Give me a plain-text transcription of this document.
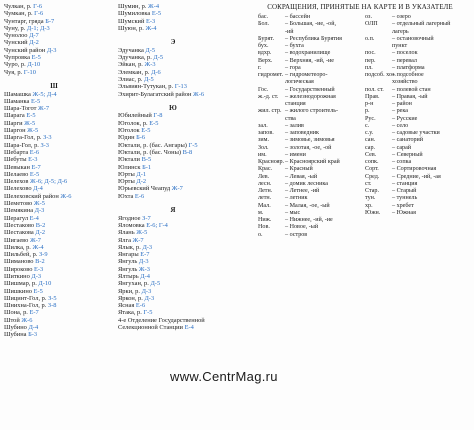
Чулкан, р. Г-6
Чумкан, р. Г-6
Чунтарг, гряда Б-7
Чуну, р. Д-1; Д-3
Чунолоо Д-7
Чунский Д-2
Чунский район Д-3
Чупровка Е-5
Чуро, р. Д-10
Чуя, р. Г-10
Ш
Шамашка Ж-5; Д-4
Шаманка Е-5
Шара-Тогот Ж-7
Шарага Е-5
Шарги Ж-5
Шаргон Ж-5
Шарга-Гол, р. З-3
Шара-Гол, р. З-3
Шебарта Е-6
Шебуты Е-3
Шевыкан Е-7
Шелаево Е-5
Шелехов Ж-6; Д-5; Д-6
Шелехово Д-4
Шелеховский район Ж-6
Шеметово Ж-5
Шемякина Д-3
Шерагул Е-4
Шестаково В-2
Шестакова Д-2
Шигаево Ж-7
Шилка, р. Ж-4
Шильбей, р. З-9
Шиманово В-2
Широково Е-3
Шиткино Д-3
Шишмар, р. Д-10
Шишкино Е-5
Шицинт-Гол, р. З-5
Шнихна-Гол, р. З-8
Шона, р. Е-7
Штой Ж-6
Шубино Д-4
Шубина Б-3
Шумин, р. Ж-4
Шумиловка Е-5
Шумский Е-3
Шуюн, р. Ж-4
Э
Эдучанка Д-5
Эдучанка, р. Д-5
Эйкан, р. Ж-3
Элемкан, р. Д-6
Элиас, р. Д-5
Эльвиян-Тутукан, р. Г-13
Эхирит-Булагатский район Ж-6
Ю
Юбилейный Г-8
Юголок, р. Е-5
Юголок Е-5
Юдин Б-6
Юктали, р. (бас. Ангары) Г-5
Юктали, р. (бас. Чоны) В-8
Юктали В-5
Юлинск Б-1
Юрты Д-1
Юрты Д-2
Юрьевский Чеапуд Ж-7
Юхта Е-6
Я
Ягодное З-7
Яломовка Е-6; Г-4
Ялань Ж-5
Ялга Ж-7
Ялык, р. Д-3
Янгары Е-7
Янгуль Д-3
Янгуль Ж-3
Ялтырь Д-4
Янгухан, р. Д-5
Ярки, р. Д-3
Яркон, р. Д-3
Ясная Е-6
Ятака, р. Г-5
4-е Отделение Государственной
Селекционной Станции Е-4
СОКРАЩЕНИЯ, ПРИНЯТЫЕ НА КАРТЕ И В УКАЗАТЕЛЕ
бас.	– бассейн
Бол.	– Большая, -ие, -ой,
-ий
Бурят.	– Республика Бурятия
бух.	– бухта
вдхр.	– водохранилище
Верх.	– Верхняя, -ий, -ие
г.	– гора
гидромет. – гидрометеоро-
логическая
Гос.	– Государственный
ж.-д. ст.	– железнодорожная
станция
жил. стр. – жилого строитель-
ства
зал.	– залив
запов.	– заповедник
зим.	– зимовье, зимовья
Зол.	– золотая, -ое, -ой
им.	– имени
Краснояр. – Красноярский край
Крас.	– Красный
Лев.	– Левая, -ый
лесн.	– домик лесника
Летн.	– Летнее, -ий
летн.	– летник
Мал.	– Малая, -ое, -ый
м.	– мыс
Ниж.	– Нижнее, -ий, -ие
Нов.	– Новое, -ый
о.	– остров
оз.	– озеро
ОЛП	– отдельный лагерный
лагерь
о.п.	– остановочный
пункт
пос.	– поселок
пер.	– перевал
пл.	– платформа
подсоб. хоз.
– подсобное
хозяйство
пол. ст.	– полевой стан
Прав.	– Правая, -ый
р-н	– район
р.	– река
Рус.	– Русские
с.	– село
с.у.	– садовые участки
сан.	– санаторий
сар.	– сарай
Сев.	– Северный
сопк.	– сопка
Сорт.	– Сортировочная
Сред.	– Средние, -ий, -ая
ст.	– станция
Стар.	– Старый
тун.	– туннель
хр.	– хребет
Южн.	– Южная
www.CentrMag.ru
